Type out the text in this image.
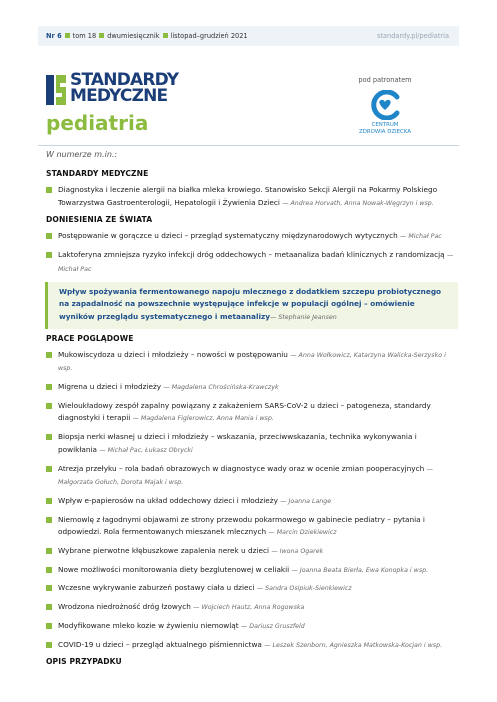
Nr 6 tom 18 dwumiesięcznik listopad–grudzień 2021	standardy.pl/pediatria
STANDARDY
MEDYCZNE
pediatria
pod patronatem
CENTRUM
ZDROWIA DZIECKA
W numerze m.in.:
STANDARDY MEDYCZNE
Diagnostyka i leczenie alergii na białka mleka krowiego. Stanowisko Sekcji Alergii na Pokarmy Polskiego Towarzystwa Gastroenterologii, Hepatologii i Żywienia Dzieci — Andrea Horvath, Anna Nowak-Węgrzyn i wsp.
DONIESIENIA ZE ŚWIATA
Postępowanie w gorączce u dzieci – przegląd systematyczny międzynarodowych wytycznych — Michał Pac
Laktoferyna zmniejsza ryzyko infekcji dróg oddechowych – metaanaliza badań klinicznych z randomizacją — Michał Pac
Wpływ spożywania fermentowanego napoju mlecznego z dodatkiem szczepu probiotycznego na zapadalność na powszechnie występujące infekcje w populacji ogólnej – omówienie wyników przeglądu systematycznego i metaanalizy— Stephanie Jeansen
PRACE POGLĄDOWE
Mukowiscydoza u dzieci i młodzieży – nowości w postępowaniu — Anna Wołkowicz, Katarzyna Walicka-Serzysko i wsp.
Migrena u dzieci i młodzieży — Magdalena Chrościńska-Krawczyk
Wieloukładowy zespół zapalny powiązany z zakażeniem SARS-CoV-2 u dzieci – patogeneza, standardy diagnostyki i terapii — Magdalena Figlerowicz, Anna Mania i wsp.
Biopsja nerki własnej u dzieci i młodzieży – wskazania, przeciwwskazania, technika wykonywania i powikłania — Michał Pac, Łukasz Obrycki
Atrezja przełyku – rola badań obrazowych w diagnostyce wady oraz w ocenie zmian pooperacyjnych — Małgorzata Gołuch, Dorota Majak i wsp.
Wpływ e-papierosów na układ oddechowy dzieci i młodzieży — Joanna Lange
Niemowlę z łagodnymi objawami ze strony przewodu pokarmowego w gabinecie pediatry – pytania i odpowiedzi. Rola fermentowanych mieszanek mlecznych — Marcin Dziekiewicz
Wybrane pierwotne kłębuszkowe zapalenia nerek u dzieci — Iwona Ogarek
Nowe możliwości monitorowania diety bezglutenowej w celiakii — Joanna Beata Bierła, Ewa Konopka i wsp.
Wczesne wykrywanie zaburzeń postawy ciała u dzieci — Sandra Osipiuk-Sienkiewicz
Wrodzona niedrożność dróg łzowych — Wojciech Hautz, Anna Rogowska
Modyfikowane mleko kozie w żywieniu niemowląt — Dariusz Gruszfeld
COVID-19 u dzieci – przegląd aktualnego piśmiennictwa — Leszek Szenborn, Agnieszka Matkowska-Kocjan i wsp.
OPIS PRZYPADKU
